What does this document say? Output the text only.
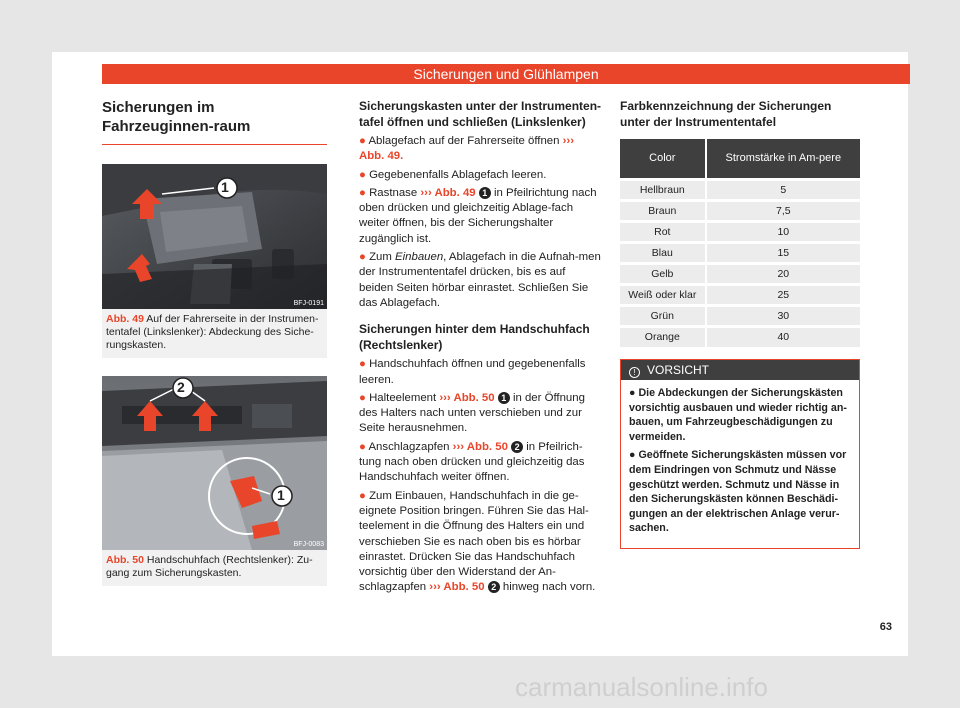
Sicherungen und Glühlampen
Sicherungen im Fahrzeuginnen-raum
1
BFJ-0191
Abb. 49 Auf der Fahrerseite in der Instrumen-tentafel (Linkslenker): Abdeckung des Siche-rungskasten.
2
1
BFJ-0083
Abb. 50 Handschuhfach (Rechtslenker): Zu-gang zum Sicherungskasten.
Sicherungskasten unter der Instrumenten-tafel öffnen und schließen (Linkslenker)
● Ablagefach auf der Fahrerseite öffnen ››› Abb. 49.
● Gegebenenfalls Ablagefach leeren.
● Rastnase ››› Abb. 49 1 in Pfeilrichtung nach oben drücken und gleichzeitig Ablage-fach weiter öffnen, bis der Sicherungshalter zugänglich ist.
● Zum Einbauen, Ablagefach in die Aufnah-men der Instrumententafel drücken, bis es auf beiden Seiten hörbar einrastet. Schließen Sie das Ablagefach.
Sicherungen hinter dem Handschuhfach (Rechtslenker)
● Handschuhfach öffnen und gegebenenfalls leeren.
● Halteelement ››› Abb. 50 1 in der Öffnung des Halters nach unten verschieben und zur Seite herausnehmen.
● Anschlagzapfen ››› Abb. 50 2 in Pfeilrich-tung nach oben drücken und gleichzeitig das Handschuhfach weiter öffnen.
● Zum Einbauen, Handschuhfach in die ge-eignete Position bringen. Führen Sie das Hal-teelement in die Öffnung des Halters ein und verschieben Sie es nach oben bis es hörbar einrastet. Drücken Sie das Handschuhfach vorsichtig über den Widerstand der An-schlagzapfen ››› Abb. 50 2 hinweg nach vorn.
Farbkennzeichnung der Sicherungen unter der Instrumententafel
Color	Stromstärke in Am-pere
Hellbraun	5
Braun	7,5
Rot	10
Blau	15
Gelb	20
Weiß oder klar	25
Grün	30
Orange	40
! VORSICHT
● Die Abdeckungen der Sicherungskästen vorsichtig ausbauen und wieder richtig an-bauen, um Fahrzeugbeschädigungen zu vermeiden.
● Geöffnete Sicherungskästen müssen vor dem Eindringen von Schmutz und Nässe geschützt werden. Schmutz und Nässe in den Sicherungskästen können Beschädi-gungen an der elektrischen Anlage verur-sachen.
63
carmanualsonline.info
